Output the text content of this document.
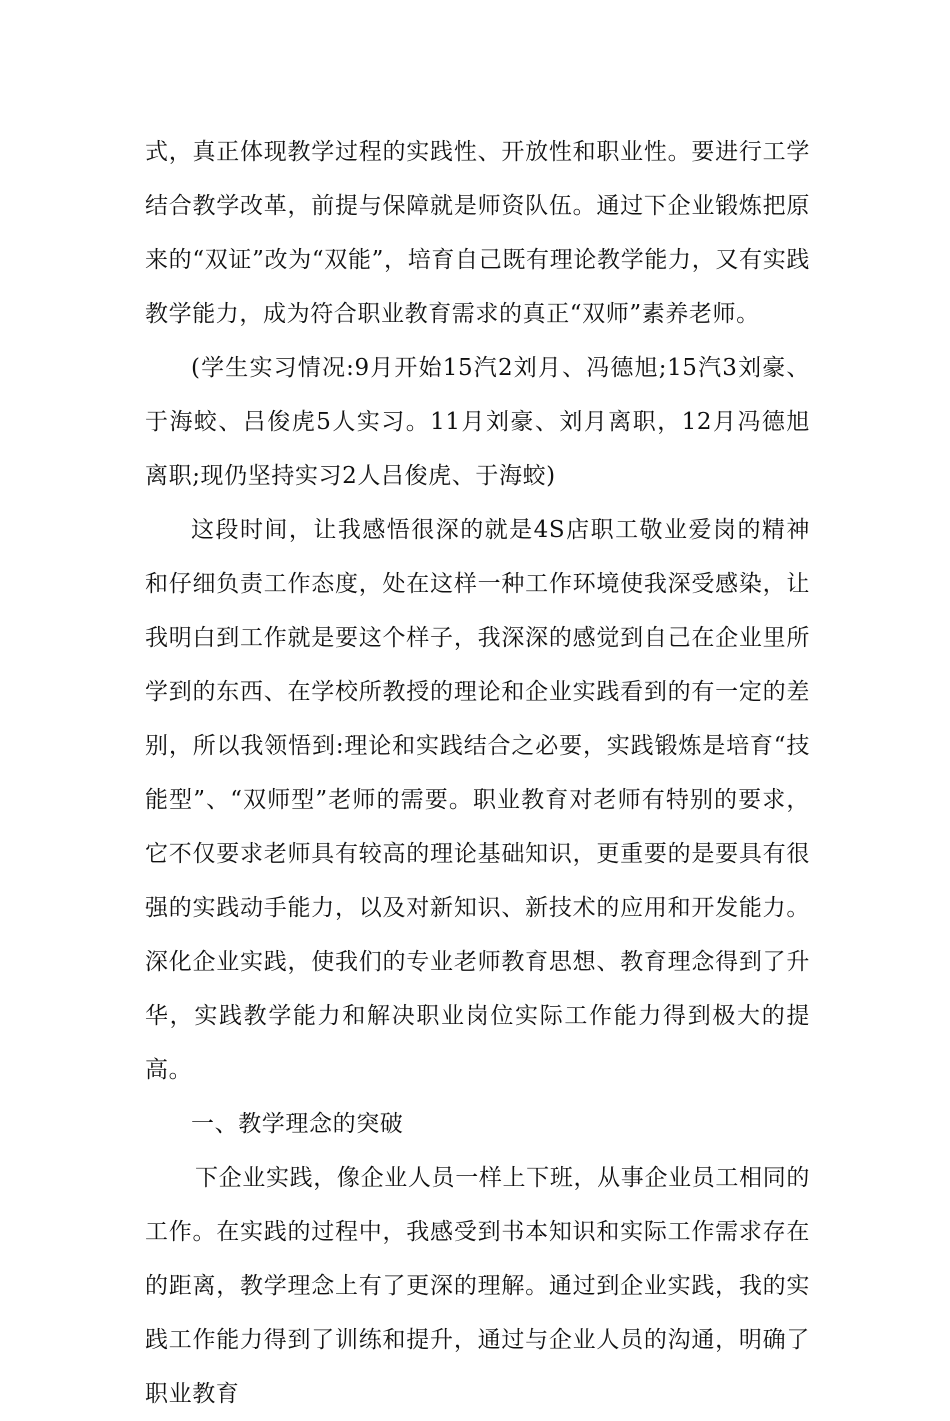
式，真正体现教学过程的实践性、开放性和职业性。要进行工学结合教学改革，前提与保障就是师资队伍。通过下企业锻炼把原来的“双证”改为“双能”，培育自己既有理论教学能力，又有实践教学能力，成为符合职业教育需求的真正“双师”素养老师。

(学生实习情况:9月开始15汽2刘月、冯德旭;15汽3刘豪、于海蛟、吕俊虎5人实习。11月刘豪、刘月离职，12月冯德旭离职;现仍坚持实习2人吕俊虎、于海蛟)

这段时间，让我感悟很深的就是4S店职工敬业爱岗的精神和仔细负责工作态度，处在这样一种工作环境使我深受感染，让我明白到工作就是要这个样子，我深深的感觉到自己在企业里所学到的东西、在学校所教授的理论和企业实践看到的有一定的差别，所以我领悟到:理论和实践结合之必要，实践锻炼是培育“技能型”、“双师型”老师的需要。职业教育对老师有特别的要求，它不仅要求老师具有较高的理论基础知识，更重要的是要具有很强的实践动手能力，以及对新知识、新技术的应用和开发能力。深化企业实践，使我们的专业老师教育思想、教育理念得到了升华，实践教学能力和解决职业岗位实际工作能力得到极大的提高。

一、教学理念的突破

下企业实践，像企业人员一样上下班，从事企业员工相同的工作。在实践的过程中，我感受到书本知识和实际工作需求存在的距离，教学理念上有了更深的理解。通过到企业实践，我的实践工作能力得到了训练和提升，通过与企业人员的沟通，明确了职业教育
